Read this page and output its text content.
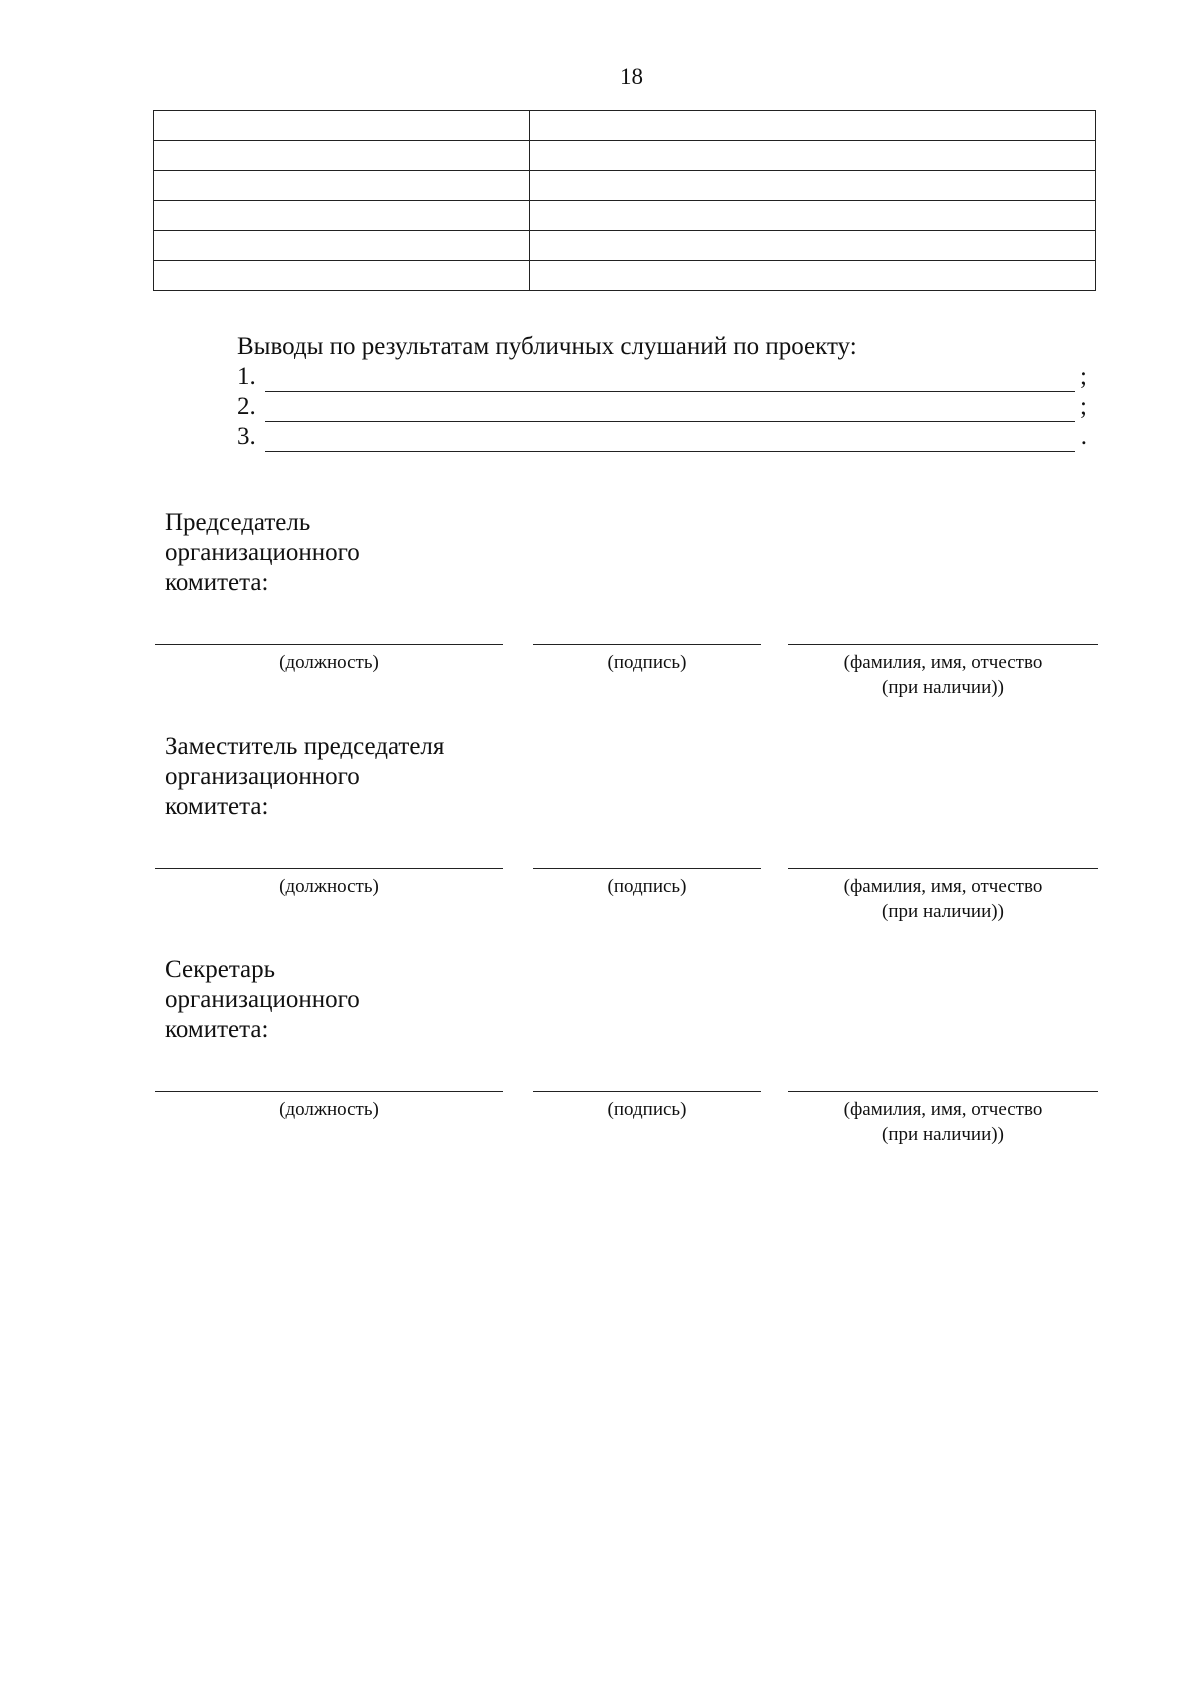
18

Выводы по результатам публичных слушаний по проекту:
1.	;
2.	;
3.	.
Председатель
организационного
комитета:
(должность)	(подпись)	(фамилия, имя, отчество
(при наличии))
Заместитель председателя
организационного
комитета:
(должность)	(подпись)	(фамилия, имя, отчество
(при наличии))
Секретарь
организационного
комитета:
(должность)	(подпись)	(фамилия, имя, отчество
(при наличии))
